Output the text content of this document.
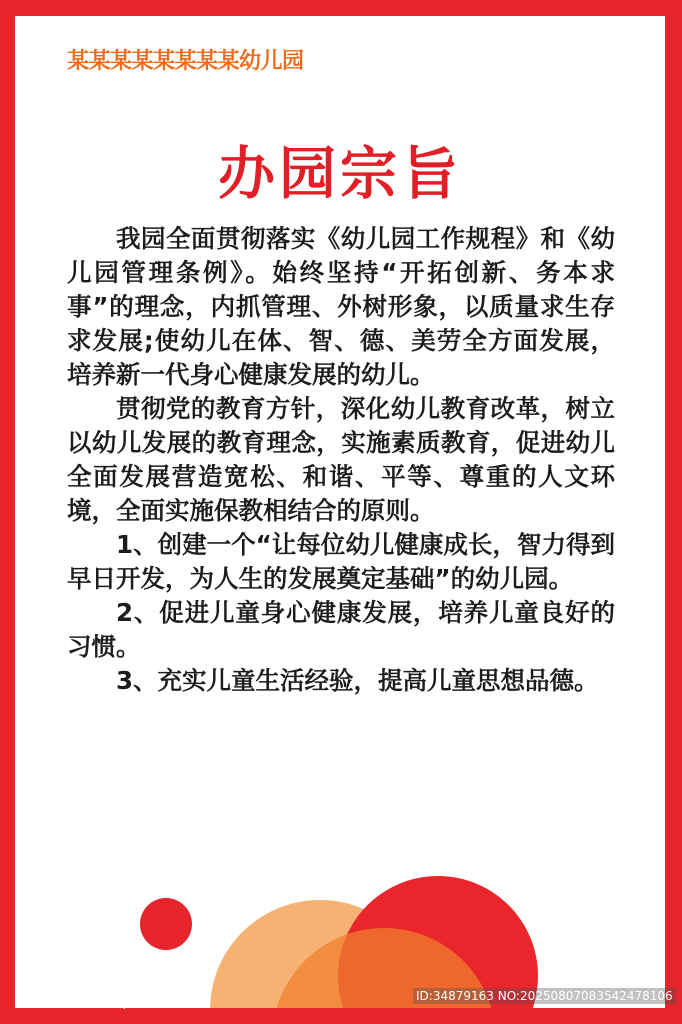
某某某某某某某某幼儿园
办园宗旨

我园全面贯彻落实《幼儿园工作规程》和《幼儿园管理条例》。始终坚持“开拓创新、务本求事”的理念，内抓管理、外树形象，以质量求生存求发展;使幼儿在体、智、德、美劳全方面发展，培养新一代身心健康发展的幼儿。

贯彻党的教育方针，深化幼儿教育改革，树立以幼儿发展的教育理念，实施素质教育，促进幼儿全面发展营造宽松、和谐、平等、尊重的人文环境，全面实施保教相结合的原则。

1、创建一个“让每位幼儿健康成长，智力得到早日开发，为人生的发展奠定基础”的幼儿园。

2、促进儿童身心健康发展，培养儿童良好的习惯。

3、充实儿童生活经验，提高儿童思想品德。

昵享网 www.nipic.com	ID:34879163 NO:20250807083542478106
